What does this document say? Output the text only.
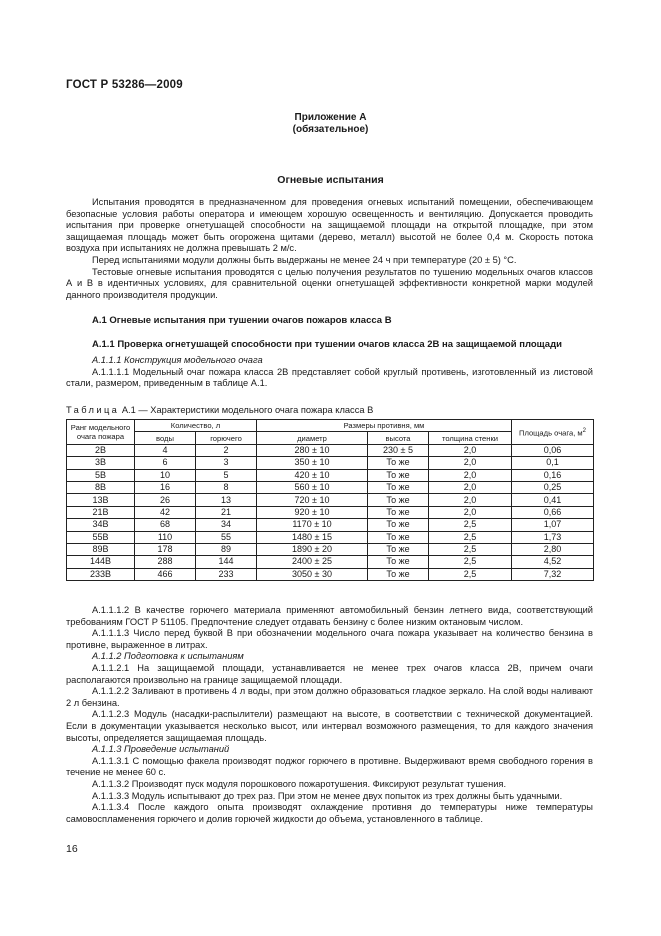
ГОСТ Р 53286—2009
Приложение А
(обязательное)
Огневые испытания

Испытания проводятся в предназначенном для проведения огневых испытаний помещении, обеспечивающем безопасные условия работы оператора и имеющем хорошую освещенность и вентиляцию. Допускается проводить испытания при проверке огнетушащей способности на защищаемой площади на открытой площадке, при этом защищаемая площадь может быть огорожена щитами (дерево, металл) высотой не более 0,4 м. Скорость потока воздуха при испытаниях не должна превышать 2 м/с.

Перед испытаниями модули должны быть выдержаны не менее 24 ч при температуре (20 ± 5) °С.

Тестовые огневые испытания проводятся с целью получения результатов по тушению модельных очагов классов А и В в идентичных условиях, для сравнительной оценки огнетушащей эффективности конкретной марки модулей данного производителя продукции.

А.1 Огневые испытания при тушении очагов пожаров класса В
А.1.1 Проверка огнетушащей способности при тушении очагов класса 2В на защищаемой площади

А.1.1.1 Конструкция модельного очага

А.1.1.1.1 Модельный очаг пожара класса 2В представляет собой круглый противень, изготовленный из листовой стали, размером, приведенным в таблице А.1.

Таблица А.1 — Характеристики модельного очага пожара класса В
Ранг модельного очага пожара	Количество, л		Размеры противня, мм			Площадь очага, $м^2$
	воды	горючего	диаметр	высота	толщина стенки	
2В	4	2	280 ± 10	230 ± 5	2,0	0,06
3В	6	3	350 ± 10	То же	2,0	0,1
5В	10	5	420 ± 10	То же	2,0	0,16
8В	16	8	560 ± 10	То же	2,0	0,25
13В	26	13	720 ± 10	То же	2,0	0,41
21В	42	21	920 ± 10	То же	2,0	0,66
34В	68	34	1170 ± 10	То же	2,5	1,07
55В	110	55	1480 ± 15	То же	2,5	1,73
89В	178	89	1890 ± 20	То же	2,5	2,80
144В	288	144	2400 ± 25	То же	2,5	4,52
233В	466	233	3050 ± 30	То же	2,5	7,32

А.1.1.1.2 В качестве горючего материала применяют автомобильный бензин летнего вида, соответствующий требованиям ГОСТ Р 51105. Предпочтение следует отдавать бензину с более низким октановым числом.

А.1.1.1.3 Число перед буквой В при обозначении модельного очага пожара указывает на количество бензина в противне, выраженное в литрах.

А.1.1.2 Подготовка к испытаниям

А.1.1.2.1 На защищаемой площади, устанавливается не менее трех очагов класса 2В, причем очаги располагаются произвольно на границе защищаемой площади.

А.1.1.2.2 Заливают в противень 4 л воды, при этом должно образоваться гладкое зеркало. На слой воды наливают 2 л бензина.

А.1.1.2.3 Модуль (насадки-распылители) размещают на высоте, в соответствии с технической документацией. Если в документации указывается несколько высот, или интервал возможного размещения, то для каждого значения высоты, определяется защищаемая площадь.

А.1.1.3 Проведение испытаний

А.1.1.3.1 С помощью факела производят поджог горючего в противне. Выдерживают время свободного горения в течение не менее 60 с.

А.1.1.3.2 Производят пуск модуля порошкового пожаротушения. Фиксируют результат тушения.

А.1.1.3.3 Модуль испытывают до трех раз. При этом не менее двух попыток из трех должны быть удачными.

А.1.1.3.4 После каждого опыта производят охлаждение противня до температуры ниже температуры самовоспламенения горючего и долив горючей жидкости до объема, установленного в таблице.

16
